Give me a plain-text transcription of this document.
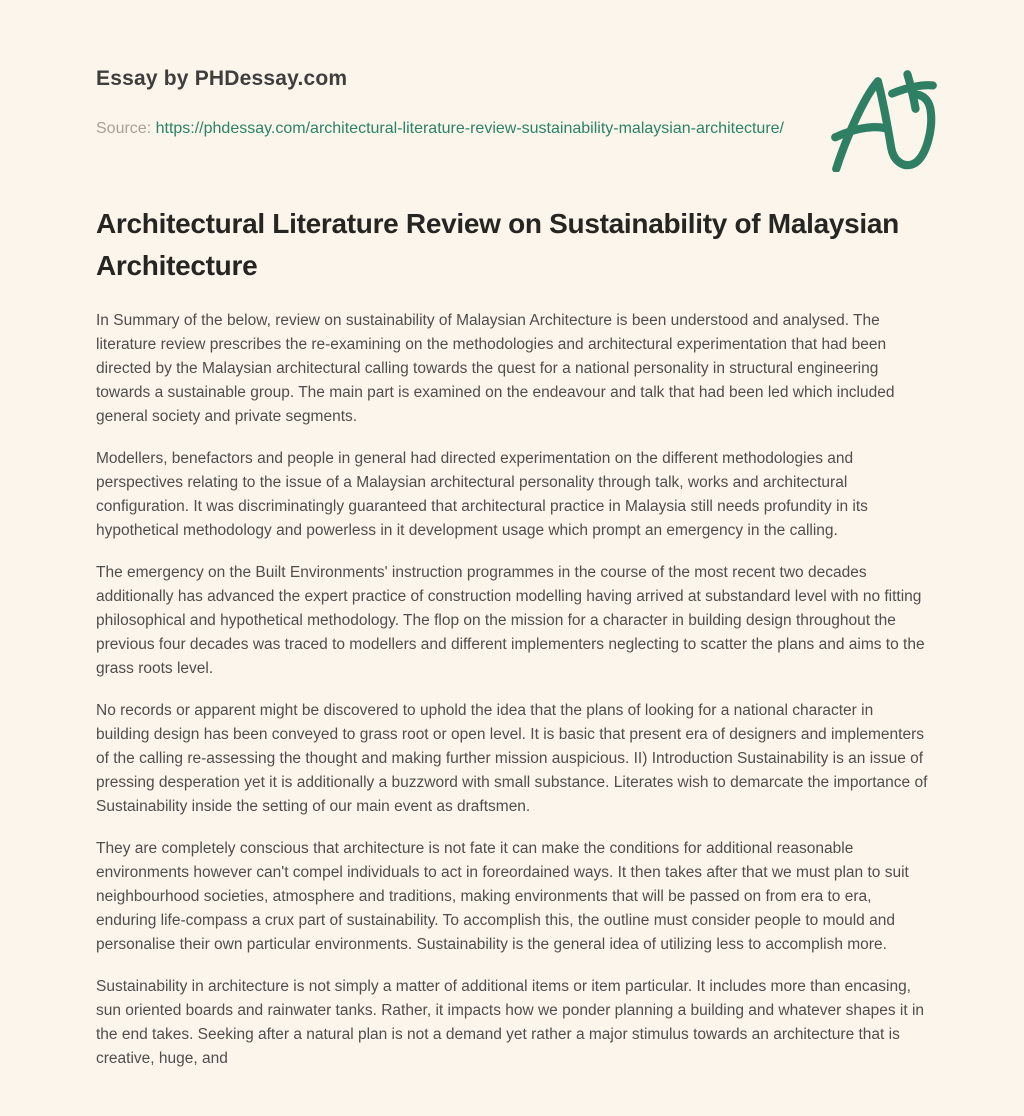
Essay by PHDessay.com
Source: https://phdessay.com/architectural-literature-review-sustainability-malaysian-architecture/
Architectural Literature Review on Sustainability of Malaysian Architecture

In Summary of the below, review on sustainability of Malaysian Architecture is been understood and analysed. The literature review prescribes the re-examining on the methodologies and architectural experimentation that had been directed by the Malaysian architectural calling towards the quest for a national personality in structural engineering towards a sustainable group. The main part is examined on the endeavour and talk that had been led which included general society and private segments.

Modellers, benefactors and people in general had directed experimentation on the different methodologies and perspectives relating to the issue of a Malaysian architectural personality through talk, works and architectural configuration. It was discriminatingly guaranteed that architectural practice in Malaysia still needs profundity in its hypothetical methodology and powerless in it development usage which prompt an emergency in the calling.

The emergency on the Built Environments' instruction programmes in the course of the most recent two decades additionally has advanced the expert practice of construction modelling having arrived at substandard level with no fitting philosophical and hypothetical methodology. The flop on the mission for a character in building design throughout the previous four decades was traced to modellers and different implementers neglecting to scatter the plans and aims to the grass roots level.

No records or apparent might be discovered to uphold the idea that the plans of looking for a national character in building design has been conveyed to grass root or open level. It is basic that present era of designers and implementers of the calling re-assessing the thought and making further mission auspicious. II) Introduction Sustainability is an issue of pressing desperation yet it is additionally a buzzword with small substance. Literates wish to demarcate the importance of Sustainability inside the setting of our main event as draftsmen.

They are completely conscious that architecture is not fate it can make the conditions for additional reasonable environments however can't compel individuals to act in foreordained ways. It then takes after that we must plan to suit neighbourhood societies, atmosphere and traditions, making environments that will be passed on from era to era, enduring life-compass a crux part of sustainability. To accomplish this, the outline must consider people to mould and personalise their own particular environments. Sustainability is the general idea of utilizing less to accomplish more.

Sustainability in architecture is not simply a matter of additional items or item particular. It includes more than encasing, sun oriented boards and rainwater tanks. Rather, it impacts how we ponder planning a building and whatever shapes it in the end takes. Seeking after a natural plan is not a demand yet rather a major stimulus towards an architecture that is creative, huge, and
